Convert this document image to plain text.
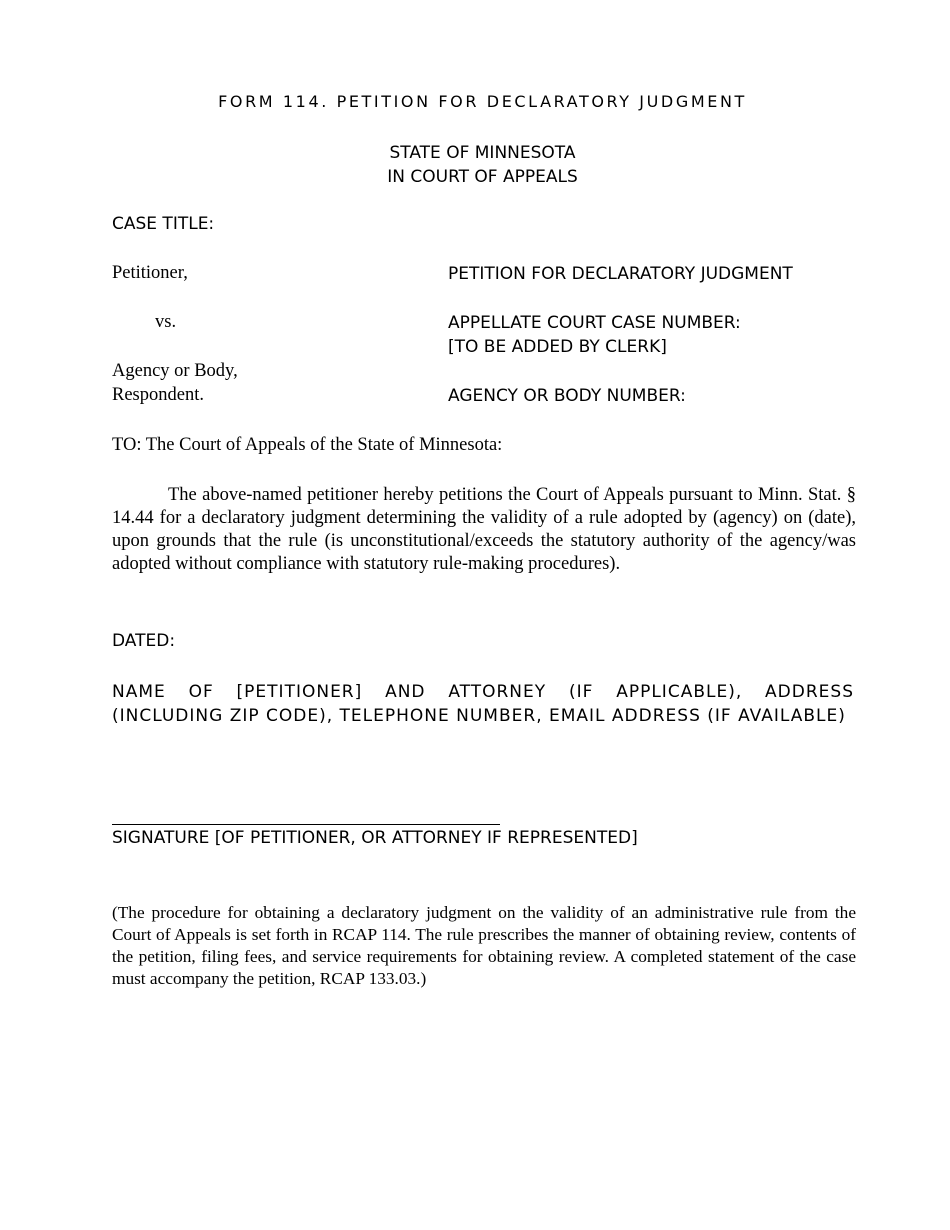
FORM 114. PETITION FOR DECLARATORY JUDGMENT
STATE OF MINNESOTA
IN COURT OF APPEALS
CASE TITLE:
Petitioner,	PETITION FOR DECLARATORY JUDGMENT
vs.	APPELLATE COURT CASE NUMBER:
[TO BE ADDED BY CLERK]
Agency or Body,
Respondent.	AGENCY OR BODY NUMBER:
TO: The Court of Appeals of the State of Minnesota:
The above-named petitioner hereby petitions the Court of Appeals pursuant to Minn. Stat. § 14.44 for a declaratory judgment determining the validity of a rule adopted by (agency) on (date), upon grounds that the rule (is unconstitutional/exceeds the statutory authority of the agency/was adopted without compliance with statutory rule-making procedures).
DATED:
NAME OF [PETITIONER] AND ATTORNEY (IF APPLICABLE), ADDRESS (INCLUDING ZIP CODE), TELEPHONE NUMBER, EMAIL ADDRESS (IF AVAILABLE)
SIGNATURE [OF PETITIONER, OR ATTORNEY IF REPRESENTED]
(The procedure for obtaining a declaratory judgment on the validity of an administrative rule from the Court of Appeals is set forth in RCAP 114. The rule prescribes the manner of obtaining review, contents of the petition, filing fees, and service requirements for obtaining review. A completed statement of the case must accompany the petition, RCAP 133.03.)
